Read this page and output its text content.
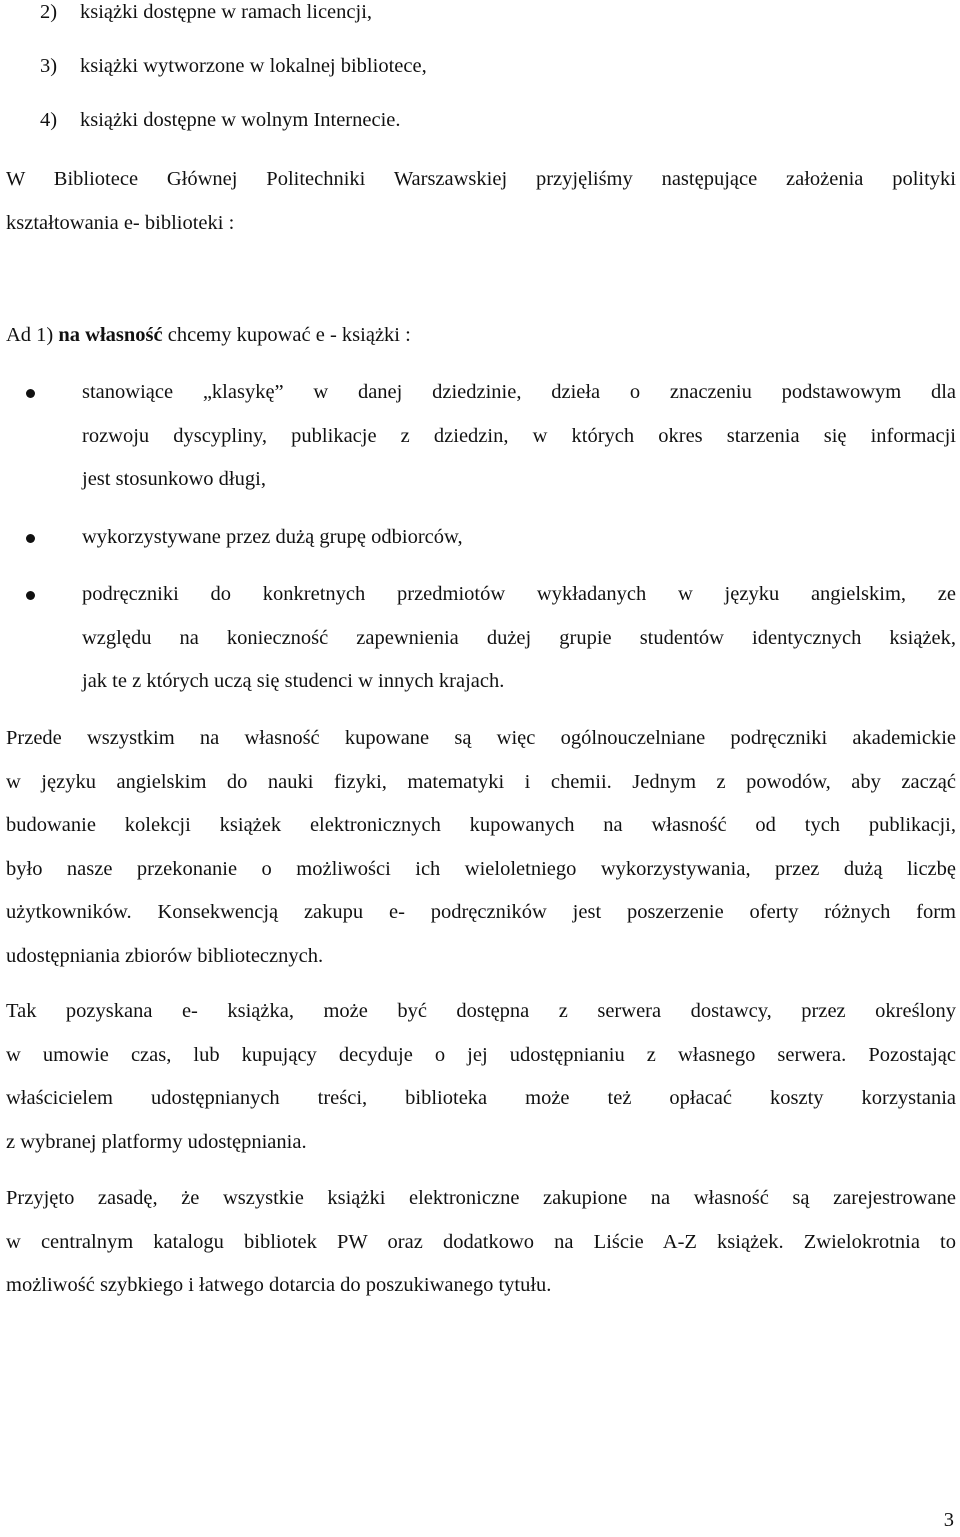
2) książki dostępne w ramach licencji,
3) książki wytworzone w lokalnej bibliotece,
4) książki dostępne w wolnym Internecie.
W Bibliotece Głównej Politechniki Warszawskiej przyjęliśmy następujące założenia polityki
kształtowania e- biblioteki :
Ad 1) na własność chcemy kupować e - książki :
stanowiące „klasykę” w danej dziedzinie, dzieła o znaczeniu podstawowym dla
rozwoju dyscypliny, publikacje z dziedzin, w których okres starzenia się informacji
jest stosunkowo długi,
wykorzystywane przez dużą grupę odbiorców,
podręczniki do konkretnych przedmiotów wykładanych w języku angielskim, ze
względu na konieczność zapewnienia dużej grupie studentów identycznych książek,
jak te z których uczą się studenci w innych krajach.
Przede wszystkim na własność kupowane są więc ogólnouczelniane podręczniki akademickie
w języku angielskim do nauki fizyki, matematyki i chemii. Jednym z powodów, aby zacząć
budowanie kolekcji książek elektronicznych kupowanych na własność od tych publikacji,
było nasze przekonanie o możliwości ich wieloletniego wykorzystywania, przez dużą liczbę
użytkowników. Konsekwencją zakupu e- podręczników jest poszerzenie oferty różnych form
udostępniania zbiorów bibliotecznych.
Tak pozyskana e- książka, może być dostępna z serwera dostawcy, przez określony
w umowie czas, lub kupujący decyduje o jej udostępnianiu z własnego serwera. Pozostając
właścicielem udostępnianych treści, biblioteka może też opłacać koszty korzystania
z wybranej platformy udostępniania.
Przyjęto zasadę, że wszystkie książki elektroniczne zakupione na własność są zarejestrowane
w centralnym katalogu bibliotek PW oraz dodatkowo na Liście A-Z książek. Zwielokrotnia to
możliwość szybkiego i łatwego dotarcia do poszukiwanego tytułu.
3
